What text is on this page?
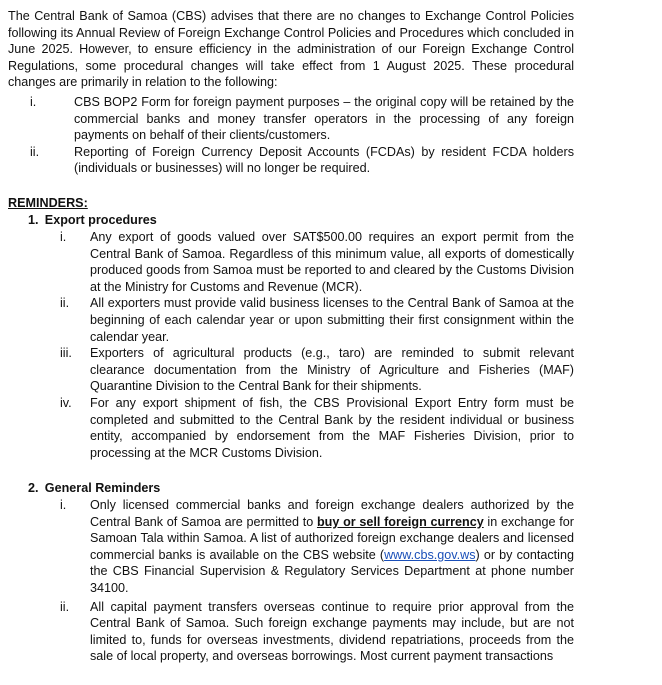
The Central Bank of Samoa (CBS) advises that there are no changes to Exchange Control Policies following its Annual Review of Foreign Exchange Control Policies and Procedures which concluded in June 2025. However, to ensure efficiency in the administration of our Foreign Exchange Control Regulations, some procedural changes will take effect from 1 August 2025. These procedural changes are primarily in relation to the following:
i.	CBS BOP2 Form for foreign payment purposes – the original copy will be retained by the commercial banks and money transfer operators in the processing of any foreign payments on behalf of their clients/customers.
ii.	Reporting of Foreign Currency Deposit Accounts (FCDAs) by resident FCDA holders (individuals or businesses) will no longer be required.
REMINDERS:
1. Export procedures
i.	Any export of goods valued over SAT$500.00 requires an export permit from the Central Bank of Samoa. Regardless of this minimum value, all exports of domestically produced goods from Samoa must be reported to and cleared by the Customs Division at the Ministry for Customs and Revenue (MCR).
ii.	All exporters must provide valid business licenses to the Central Bank of Samoa at the beginning of each calendar year or upon submitting their first consignment within the calendar year.
iii.	Exporters of agricultural products (e.g., taro) are reminded to submit relevant clearance documentation from the Ministry of Agriculture and Fisheries (MAF) Quarantine Division to the Central Bank for their shipments.
iv.	For any export shipment of fish, the CBS Provisional Export Entry form must be completed and submitted to the Central Bank by the resident individual or business entity, accompanied by endorsement from the MAF Fisheries Division, prior to processing at the MCR Customs Division.
2. General Reminders
i.	Only licensed commercial banks and foreign exchange dealers authorized by the Central Bank of Samoa are permitted to buy or sell foreign currency in exchange for Samoan Tala within Samoa. A list of authorized foreign exchange dealers and licensed commercial banks is available on the CBS website (www.cbs.gov.ws) or by contacting the CBS Financial Supervision & Regulatory Services Department at phone number 34100.
ii.	All capital payment transfers overseas continue to require prior approval from the Central Bank of Samoa. Such foreign exchange payments may include, but are not limited to, funds for overseas investments, dividend repatriations, proceeds from the sale of local property, and overseas borrowings. Most current payment transactions
